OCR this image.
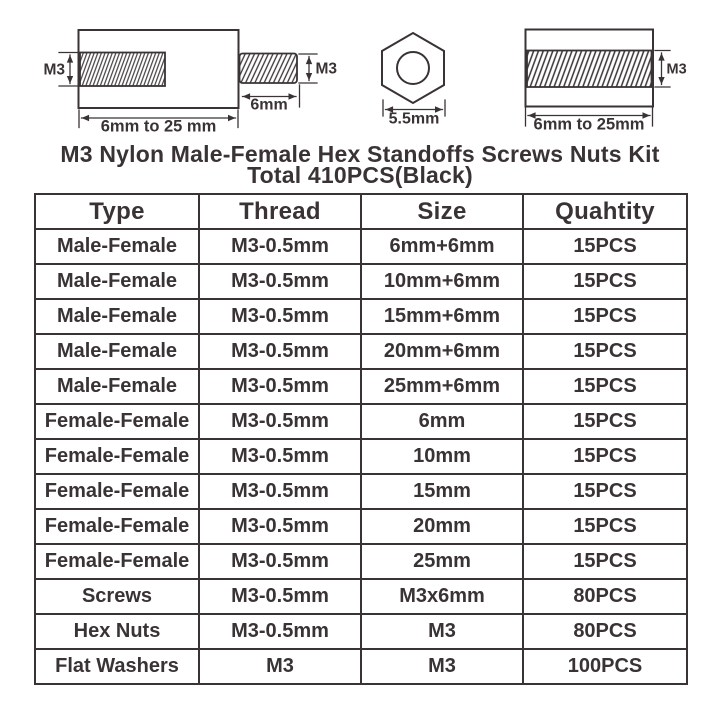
M3	M3
6mm
6mm to 25 mm	5.5mm
M3
6mm to 25mm
M3 Nylon Male-Female Hex Standoffs Screws Nuts Kit
Total 410PCS(Black)
Type	Thread	Size	Quahtity
Male-Female	M3-0.5mm	6mm+6mm	15PCS
Male-Female	M3-0.5mm	10mm+6mm	15PCS
Male-Female	M3-0.5mm	15mm+6mm	15PCS
Male-Female	M3-0.5mm	20mm+6mm	15PCS
Male-Female	M3-0.5mm	25mm+6mm	15PCS
Female-Female	M3-0.5mm	6mm	15PCS
Female-Female	M3-0.5mm	10mm	15PCS
Female-Female	M3-0.5mm	15mm	15PCS
Female-Female	M3-0.5mm	20mm	15PCS
Female-Female	M3-0.5mm	25mm	15PCS
Screws	M3-0.5mm	M3x6mm	80PCS
Hex Nuts	M3-0.5mm	M3	80PCS
Flat Washers	M3	M3	100PCS
